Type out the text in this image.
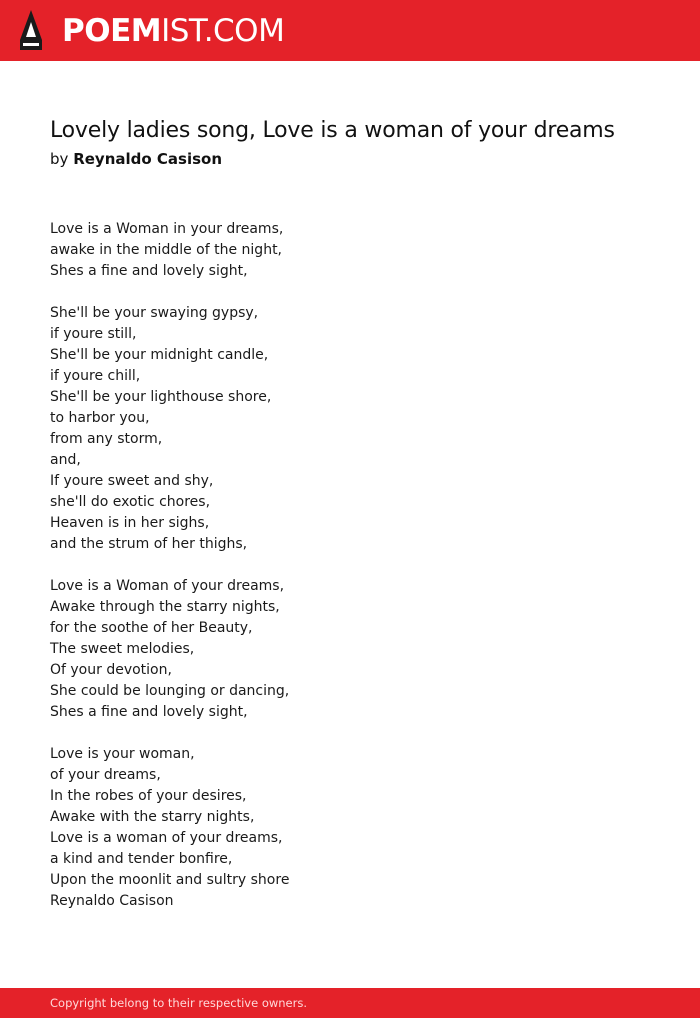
POEMIST.COM
Lovely ladies song, Love is a woman of your dreams
by Reynaldo Casison
Love is a Woman in your dreams,
awake in the middle of the night,
Shes a fine and lovely sight,
She'll be your swaying gypsy,
if youre still,
She'll be your midnight candle,
if youre chill,
She'll be your lighthouse shore,
to harbor you,
from any storm,
and,
If youre sweet and shy,
she'll do exotic chores,
Heaven is in her sighs,
and the strum of her thighs,
Love is a Woman of your dreams,
Awake through the starry nights,
for the soothe of her Beauty,
The sweet melodies,
Of your devotion,
She could be lounging or dancing,
Shes a fine and lovely sight,
Love is your woman,
of your dreams,
In the robes of your desires,
Awake with the starry nights,
Love is a woman of your dreams,
a kind and tender bonfire,
Upon the moonlit and sultry shore
Reynaldo Casison
Copyright belong to their respective owners.
